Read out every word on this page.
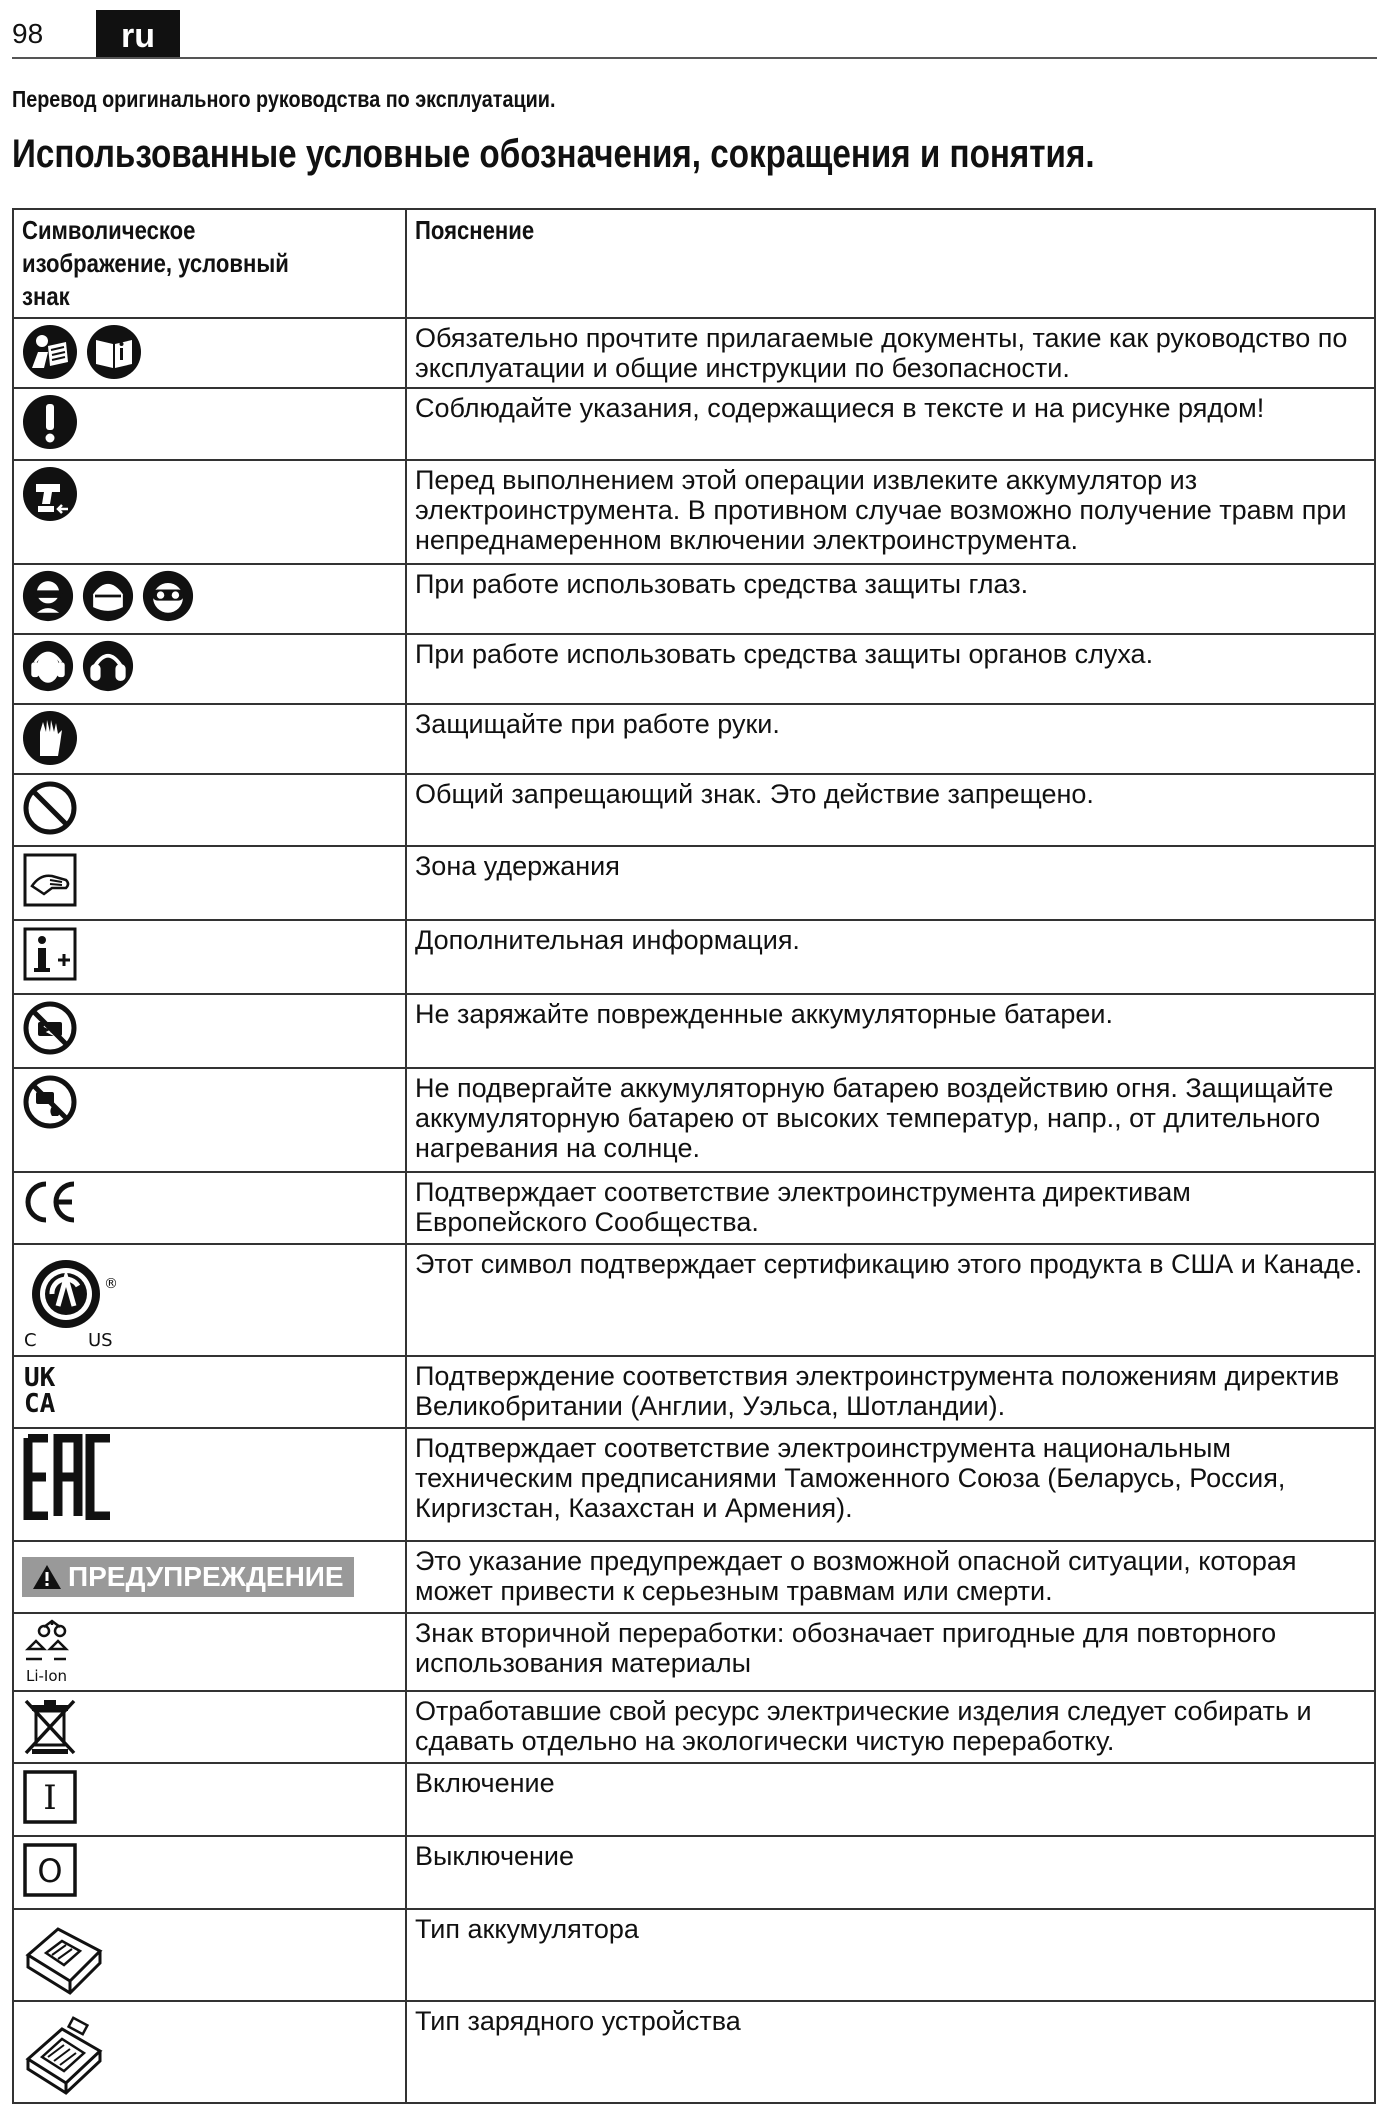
98	ru
Перевод оригинального руководства по эксплуатации.
Использованные условные обозначения, сокращения и понятия.
Символическое
изображение, условный знак	Пояснение

	Обязательно прочтите прилагаемые документы, такие как руководство по эксплуатации и общие инструкции по безопасности.

	Соблюдайте указания, содержащиеся в тексте и на рисунке рядом!

	Перед выполнением этой операции извлеките аккумулятор из электроинструмента. В противном случае возможно получение травм при непреднамеренном включении электроинструмента.

	При работе использовать средства защиты глаз.

	При работе использовать средства защиты органов слуха.

	Защищайте при работе руки.

	Общий запрещающий знак. Это действие запрещено.

	Зона удержания

	Дополнительная информация.

	Не заряжайте поврежденные аккумуляторные батареи.

	Не подвергайте аккумуляторную батарею воздействию огня. Защищайте аккумуляторную батарею от высоких температур, напр., от длительного нагревания на солнце.

	Подтверждает соответствие электроинструмента директивам Европейского Сообщества.

®
C US	Этот символ подтверждает сертификацию этого продукта в США и Канаде.

UK
CA	Подтверждение соответствия электроинструмента положениям директив Великобритании (Англии, Уэльса, Шотландии).

	Подтверждает соответствие электроинструмента национальным техническим предписаниями Таможенного Союза (Беларусь, Россия, Киргизстан, Казахстан и Армения).

ПРЕДУПРЕЖДЕНИЕ	Это указание предупреждает о возможной опасной ситуации, которая может привести к серьезным травмам или смерти.

Li-Ion	Знак вторичной переработки: обозначает пригодные для повторного использования материалы

	Отработавшие свой ресурс электрические изделия следует собирать и сдавать отдельно на экологически чистую переработку.

I	Включение

O	Выключение

	Тип аккумулятора

	Тип зарядного устройства
